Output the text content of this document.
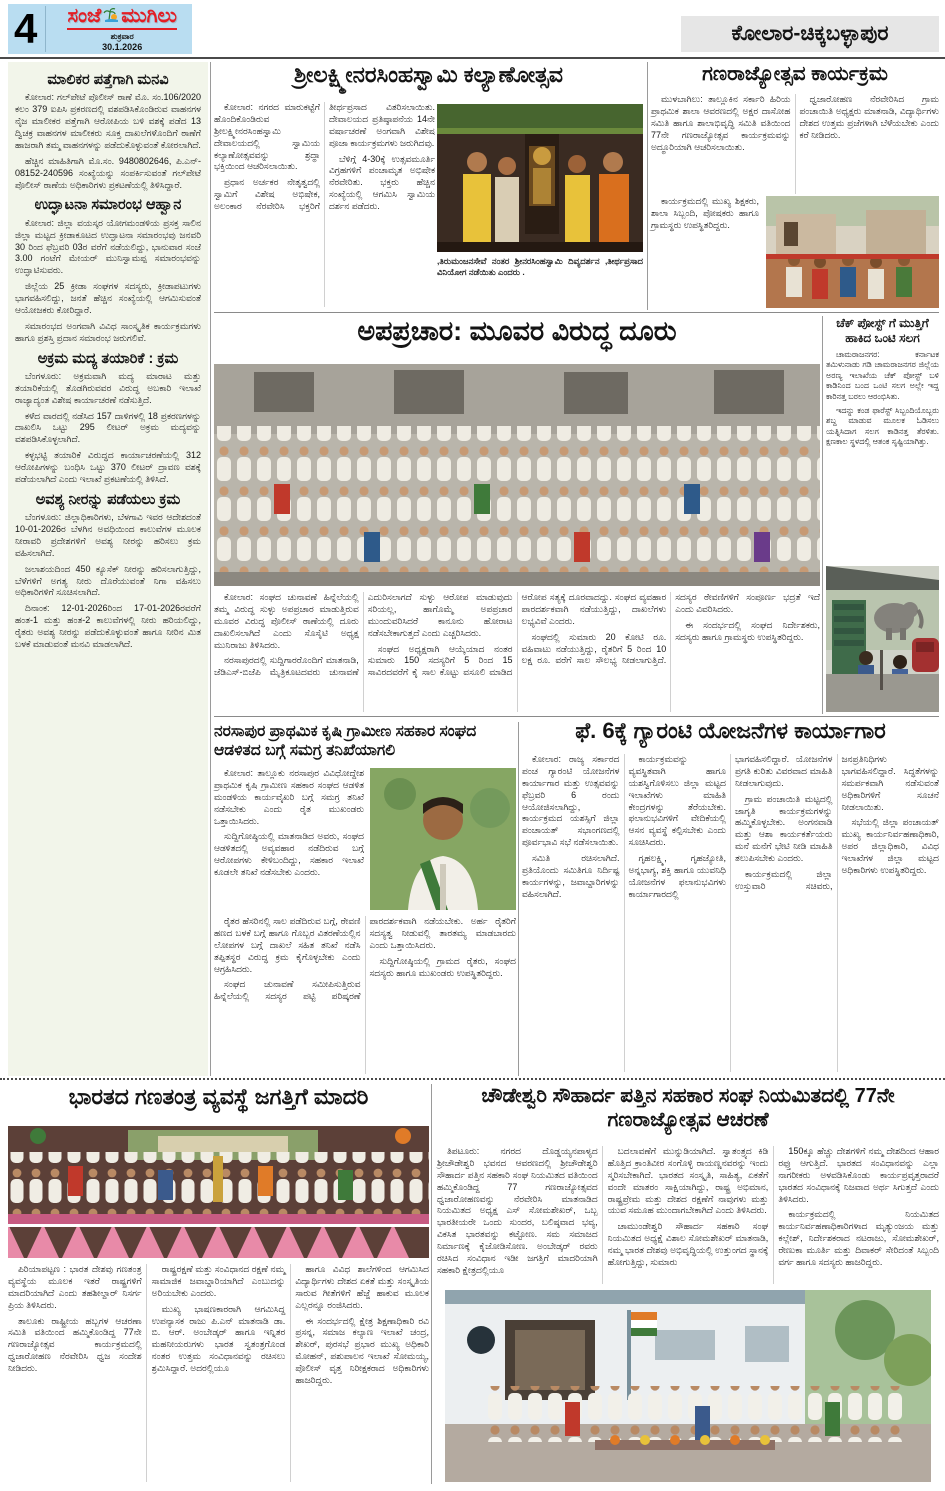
4	ಸಂಜೆ ಮುಗಿಲು
ಶುಕ್ರವಾರ
30.1.2026
ಕೋಲಾರ-ಚಿಕ್ಕಬಳ್ಳಾಪುರ
ಮಾಲಿಕರ ಪತ್ತೆಗಾಗಿ ಮನವಿ

ಕೋಲಾರ: ಗಲ್‌ಪೇಟೆ ಪೊಲೀಸ್ ಠಾಣೆ ಮೊ. ಸಂ.106/2020 ಕಲಂ 379 ಐಪಿಸಿ ಪ್ರಕರಣದಲ್ಲಿ ವಶಪಡಿಸಿಕೊಂಡಿರುವ ವಾಹನಗಳ ನೈಜ ಮಾಲೀಕರ ಪತ್ತೆಗಾಗಿ ಆರೋಪಿಯ ಬಳಿ ವಶಕ್ಕೆ ಪಡೆದ 13 ದ್ವಿಚಕ್ರ ವಾಹನಗಳ ಮಾಲೀಕರು ಸೂಕ್ತ ದಾಖಲೆಗಳೊಂದಿಗೆ ಠಾಣೆಗೆ ಹಾಜರಾಗಿ ತಮ್ಮ ವಾಹನಗಳನ್ನು ಪಡೆದುಕೊಳ್ಳುವಂತೆ ಕೋರಲಾಗಿದೆ.

ಹೆಚ್ಚಿನ ಮಾಹಿತಿಗಾಗಿ ಮೊ.ಸಂ. 9480802646, ಪಿ.ಎನ್- 08152-240596 ಸಂಖ್ಯೆಯನ್ನು ಸಂಪರ್ಕಿಸುವಂತೆ ಗಲ್‌ಪೇಟೆ ಪೊಲೀಸ್ ಠಾಣೆಯ ಅಧಿಕಾರಿಗಳು ಪ್ರಕಟಣೆಯಲ್ಲಿ ತಿಳಿಸಿದ್ದಾರೆ.

ಉದ್ಘಾಟನಾ ಸಮಾರಂಭ ಆಹ್ವಾನ

ಕೋಲಾರ: ಜಿಲ್ಲಾ ವಯಸ್ಕರ ಯೋಗಮಂಡಳಿಯ ಪ್ರಸಕ್ತ ಸಾಲಿನ ಜಿಲ್ಲಾ ಮಟ್ಟದ ಕ್ರೀಡಾಕೂಟದ ಉದ್ಘಾಟನಾ ಸಮಾರಂಭವು ಜನವರಿ 30 ರಿಂದ ಫೆಬ್ರವರಿ 03ರ ವರೆಗೆ ನಡೆಯಲಿದ್ದು, ಭಾನುವಾರ ಸಂಜೆ 3.00 ಗಂಟೆಗೆ ಮೇಯರ್ ಮುನಿಸ್ವಾಮಪ್ಪ ಸಮಾರಂಭವನ್ನು ಉದ್ಘಾಟಿಸುವರು.

ಜಿಲ್ಲೆಯ 25 ಕ್ರೀಡಾ ಸಂಘಗಳ ಸದಸ್ಯರು, ಕ್ರೀಡಾಪಟುಗಳು ಭಾಗವಹಿಸಲಿದ್ದು, ಜನತೆ ಹೆಚ್ಚಿನ ಸಂಖ್ಯೆಯಲ್ಲಿ ಆಗಮಿಸುವಂತೆ ಆಯೋಜಕರು ಕೋರಿದ್ದಾರೆ.

ಸಮಾರಂಭದ ಅಂಗವಾಗಿ ವಿವಿಧ ಸಾಂಸ್ಕೃತಿಕ ಕಾರ್ಯಕ್ರಮಗಳು ಹಾಗೂ ಪ್ರಶಸ್ತಿ ಪ್ರದಾನ ಸಮಾರಂಭ ಜರುಗಲಿವೆ.

ಅಕ್ರಮ ಮದ್ಯ ತಯಾರಿಕೆ : ಕ್ರಮ

ಬೆಂಗಳೂರು: ಅಕ್ರಮವಾಗಿ ಮದ್ಯ ಮಾರಾಟ ಮತ್ತು ತಯಾರಿಕೆಯಲ್ಲಿ ತೊಡಗಿರುವವರ ವಿರುದ್ಧ ಅಬಕಾರಿ ಇಲಾಖೆ ರಾಜ್ಯಾದ್ಯಂತ ವಿಶೇಷ ಕಾರ್ಯಾಚರಣೆ ನಡೆಸುತ್ತಿದೆ.

ಕಳೆದ ವಾರದಲ್ಲಿ ನಡೆಸಿದ 157 ದಾಳಿಗಳಲ್ಲಿ 18 ಪ್ರಕರಣಗಳನ್ನು ದಾಖಲಿಸಿ ಒಟ್ಟು 295 ಲೀಟರ್ ಅಕ್ರಮ ಮದ್ಯವನ್ನು ವಶಪಡಿಸಿಕೊಳ್ಳಲಾಗಿದೆ.

ಕಳ್ಳಭಟ್ಟಿ ತಯಾರಿಕೆ ವಿರುದ್ಧದ ಕಾರ್ಯಾಚರಣೆಯಲ್ಲಿ 312 ಆರೋಪಿಗಳನ್ನು ಬಂಧಿಸಿ ಒಟ್ಟು 370 ಲೀಟರ್ ದ್ರಾವಣ ವಶಕ್ಕೆ ಪಡೆಯಲಾಗಿದೆ ಎಂದು ಇಲಾಖೆ ಪ್ರಕಟಣೆಯಲ್ಲಿ ತಿಳಿಸಿದೆ.

ಅವಶ್ಯ ನೀರನ್ನು ಪಡೆಯಲು ಕ್ರಮ

ಬೆಂಗಳೂರು: ಜಿಲ್ಲಾಧಿಕಾರಿಗಳು, ಬೆಳಗಾವಿ ಇವರ ಆದೇಶದಂತೆ 10-01-2026ರ ಬೆಳಗಿನ ಅವಧಿಯಿಂದ ಕಾಲುವೆಗಳ ಮೂಲಕ ನೀರಾವರಿ ಪ್ರದೇಶಗಳಿಗೆ ಅವಶ್ಯ ನೀರನ್ನು ಹರಿಸಲು ಕ್ರಮ ವಹಿಸಲಾಗಿದೆ.

ಜಲಾಶಯದಿಂದ 450 ಕ್ಯೂಸೆಕ್ ನೀರನ್ನು ಹರಿಸಲಾಗುತ್ತಿದ್ದು, ಬೆಳೆಗಳಿಗೆ ಅಗತ್ಯ ನೀರು ದೊರೆಯುವಂತೆ ನಿಗಾ ವಹಿಸಲು ಅಧಿಕಾರಿಗಳಿಗೆ ಸೂಚಿಸಲಾಗಿದೆ.

ದಿನಾಂಕ: 12-01-2026ರಿಂದ 17-01-2026ರವರೆಗೆ ಹಂತ-1 ಮತ್ತು ಹಂತ-2 ಕಾಲುವೆಗಳಲ್ಲಿ ನೀರು ಹರಿಯಲಿದ್ದು, ರೈತರು ಅವಶ್ಯ ನೀರನ್ನು ಪಡೆದುಕೊಳ್ಳುವಂತೆ ಹಾಗೂ ನೀರಿನ ಮಿತ ಬಳಕೆ ಮಾಡುವಂತೆ ಮನವಿ ಮಾಡಲಾಗಿದೆ.

ಶ್ರೀಲಕ್ಷ್ಮೀನರಸಿಂಹಸ್ವಾಮಿ ಕಲ್ಯಾಣೋತ್ಸವ

ಕೋಲಾರ: ನಗರದ ಮಾರುಕಟ್ಟೆಗೆ ಹೊಂದಿಕೊಂಡಿರುವ ಶ್ರೀಲಕ್ಷ್ಮೀನರಸಿಂಹಸ್ವಾಮಿ ದೇವಾಲಯದಲ್ಲಿ ಸ್ವಾಮಿಯ ಕಲ್ಯಾಣೋತ್ಸವವನ್ನು ಶ್ರದ್ಧಾ ಭಕ್ತಿಯಿಂದ ಆಚರಿಸಲಾಯಿತು.

ಪ್ರಧಾನ ಅರ್ಚಕರ ನೇತೃತ್ವದಲ್ಲಿ ಸ್ವಾಮಿಗೆ ವಿಶೇಷ ಅಭಿಷೇಕ, ಅಲಂಕಾರ ನೆರವೇರಿಸಿ ಭಕ್ತರಿಗೆ ತೀರ್ಥಪ್ರಸಾದ ವಿತರಿಸಲಾಯಿತು. ದೇವಾಲಯದ ಪ್ರತಿಷ್ಠಾಪನೆಯ 14ನೇ ವರ್ಷಾಚರಣೆ ಅಂಗವಾಗಿ ವಿಶೇಷ ಪೂಜಾ ಕಾರ್ಯಕ್ರಮಗಳು ಜರುಗಿದವು.

ಬೆಳಿಗ್ಗೆ 4-30ಕ್ಕೆ ಉತ್ಸವಮೂರ್ತಿ ವಿಗ್ರಹಗಳಿಗೆ ಪಂಚಾಮೃತ ಅಭಿಷೇಕ ನೆರವೇರಿತು. ಭಕ್ತರು ಹೆಚ್ಚಿನ ಸಂಖ್ಯೆಯಲ್ಲಿ ಆಗಮಿಸಿ ಸ್ವಾಮಿಯ ದರ್ಶನ ಪಡೆದರು.

,ತಿರುಮಂಜನಸೇವೆ ನಂತರ ಶ್ರೀನರಸಿಂಹಸ್ವಾಮಿ ದಿವ್ಯದರ್ಶನ ,ತೀರ್ಥಪ್ರಸಾದ ವಿನಿಯೋಗ ನಡೆಯಿತು ಎಂದರು .
ಗಣರಾಜ್ಯೋತ್ಸವ ಕಾರ್ಯಕ್ರಮ

ಮುಳಬಾಗಿಲು: ತಾಲ್ಲೂಕಿನ ಸರ್ಕಾರಿ ಹಿರಿಯ ಪ್ರಾಥಮಿಕ ಶಾಲಾ ಆವರಣದಲ್ಲಿ ಅಕ್ಷರ ದಾಸೋಹ ಸಮಿತಿ ಹಾಗೂ ಶಾಲಾಭಿವೃದ್ಧಿ ಸಮಿತಿ ವತಿಯಿಂದ 77ನೇ ಗಣರಾಜ್ಯೋತ್ಸವ ಕಾರ್ಯಕ್ರಮವನ್ನು ಅದ್ಧೂರಿಯಾಗಿ ಆಚರಿಸಲಾಯಿತು.

ಧ್ವಜಾರೋಹಣ ನೆರವೇರಿಸಿದ ಗ್ರಾಮ ಪಂಚಾಯಿತಿ ಅಧ್ಯಕ್ಷರು ಮಾತನಾಡಿ, ವಿದ್ಯಾರ್ಥಿಗಳು ದೇಶದ ಉತ್ತಮ ಪ್ರಜೆಗಳಾಗಿ ಬೆಳೆಯಬೇಕು ಎಂದು ಕರೆ ನೀಡಿದರು.

ಕಾರ್ಯಕ್ರಮದಲ್ಲಿ ಮುಖ್ಯ ಶಿಕ್ಷಕರು, ಶಾಲಾ ಸಿಬ್ಬಂದಿ, ಪೋಷಕರು ಹಾಗೂ ಗ್ರಾಮಸ್ಥರು ಉಪಸ್ಥಿತರಿದ್ದರು.

ಅಪಪ್ರಚಾರ: ಮೂವರ ವಿರುದ್ಧ ದೂರು

ಕೋಲಾರ: ಸಂಘದ ಚುನಾವಣೆ ಹಿನ್ನೆಲೆಯಲ್ಲಿ ತಮ್ಮ ವಿರುದ್ಧ ಸುಳ್ಳು ಅಪಪ್ರಚಾರ ಮಾಡುತ್ತಿರುವ ಮೂವರ ವಿರುದ್ಧ ಪೊಲೀಸ್ ಠಾಣೆಯಲ್ಲಿ ದೂರು ದಾಖಲಿಸಲಾಗಿದೆ ಎಂದು ಸೊಸೈಟಿ ಅಧ್ಯಕ್ಷ ಮುನಿರಾಜು ತಿಳಿಸಿದರು.

ನರಸಾಪುರದಲ್ಲಿ ಸುದ್ದಿಗಾರರೊಂದಿಗೆ ಮಾತನಾಡಿ, ಜೆಡಿಎಸ್-ಬಿಜೆಪಿ ಮೈತ್ರಿಕೂಟದವರು ಚುನಾವಣೆ ಎದುರಿಸಲಾಗದೆ ಸುಳ್ಳು ಆರೋಪ ಮಾಡುವುದು ಸರಿಯಲ್ಲ, ಹಾಗೊಮ್ಮೆ ಅಪಪ್ರಚಾರ ಮುಂದುವರಿಸಿದರೆ ಕಾನೂನು ಹೋರಾಟ ನಡೆಸಬೇಕಾಗುತ್ತದೆ ಎಂದು ಎಚ್ಚರಿಸಿದರು.

ಸಂಘದ ಅಧ್ಯಕ್ಷರಾಗಿ ಆಯ್ಕೆಯಾದ ನಂತರ ಸುಮಾರು 150 ಸದಸ್ಯರಿಗೆ 5 ರಿಂದ 15 ಸಾವಿರದವರೆಗೆ ಕೈ ಸಾಲ ಕೊಟ್ಟು ವಸೂಲಿ ಮಾಡಿದ ಆರೋಪ ಸತ್ಯಕ್ಕೆ ದೂರವಾದದ್ದು. ಸಂಘದ ವ್ಯವಹಾರ ಪಾರದರ್ಶಕವಾಗಿ ನಡೆಯುತ್ತಿದ್ದು, ದಾಖಲೆಗಳು ಲಭ್ಯವಿವೆ ಎಂದರು.

ಸಂಘದಲ್ಲಿ ಸುಮಾರು 20 ಕೋಟಿ ರೂ. ವಹಿವಾಟು ನಡೆಯುತ್ತಿದ್ದು, ರೈತರಿಗೆ 5 ರಿಂದ 10 ಲಕ್ಷ ರೂ. ವರೆಗೆ ಸಾಲ ಸೌಲಭ್ಯ ನೀಡಲಾಗುತ್ತಿದೆ. ಸದಸ್ಯರ ಠೇವಣಿಗಳಿಗೆ ಸಂಪೂರ್ಣ ಭದ್ರತೆ ಇದೆ ಎಂದು ವಿವರಿಸಿದರು.

ಈ ಸಂದರ್ಭದಲ್ಲಿ ಸಂಘದ ನಿರ್ದೇಶಕರು, ಸದಸ್ಯರು ಹಾಗೂ ಗ್ರಾಮಸ್ಥರು ಉಪಸ್ಥಿತರಿದ್ದರು.

ಚೆಕ್ ಪೋಸ್ಟ್ ಗೆ ಮುತ್ತಿಗೆ ಹಾಕಿದ ಒಂಟಿ ಸಲಗ

ಚಾಮರಾಜನಗರ: ಕರ್ನಾಟಕ ತಮಿಳುನಾಡು ಗಡಿ ಚಾಮರಾಜನಗರ ಜಿಲ್ಲೆಯ ಅರಣ್ಯ ಇಲಾಖೆಯ ಚೆಕ್ ಪೋಸ್ಟ್ ಬಳಿ ಕಾಡಿನಿಂದ ಬಂದ ಒಂಟಿ ಸಲಗ ಅಲ್ಲೇ ಇದ್ದ ಕಾರಿನತ್ತ ಬರಲು ಆರಂಭಿಸಿತು.

ಇದನ್ನು ಕಂಡ ಫಾರೆಸ್ಟ್ ಸಿಬ್ಬಂದಿಯೊಬ್ಬರು ಶಬ್ದ ಮಾಡುವ ಮೂಲಕ ಓಡಿಸಲು ಯತ್ನಿಸಿದಾಗ ಸಲಗ ಕಾಡಿನತ್ತ ತೆರಳಿತು. ಕ್ಷಣಕಾಲ ಸ್ಥಳದಲ್ಲಿ ಆತಂಕ ಸೃಷ್ಟಿಯಾಗಿತ್ತು.

ನರಸಾಪುರ ಪ್ರಾಥಮಿಕ ಕೃಷಿ ಗ್ರಾಮೀಣ ಸಹಕಾರ ಸಂಘದ ಆಡಳಿತದ ಬಗ್ಗೆ ಸಮಗ್ರ ತನಿಖೆಯಾಗಲಿ

ಕೋಲಾರ: ತಾಲ್ಲೂಕು ನರಸಾಪುರ ವಿವಿಧೋದ್ದೇಶ ಪ್ರಾಥಮಿಕ ಕೃಷಿ ಗ್ರಾಮೀಣ ಸಹಕಾರ ಸಂಘದ ಆಡಳಿತ ಮಂಡಳಿಯ ಕಾರ್ಯವೈಖರಿ ಬಗ್ಗೆ ಸಮಗ್ರ ತನಿಖೆ ನಡೆಸಬೇಕು ಎಂದು ರೈತ ಮುಖಂಡರು ಒತ್ತಾಯಿಸಿದರು.

ಸುದ್ದಿಗೋಷ್ಠಿಯಲ್ಲಿ ಮಾತನಾಡಿದ ಅವರು, ಸಂಘದ ಆಡಳಿತದಲ್ಲಿ ಅವ್ಯವಹಾರ ನಡೆದಿರುವ ಬಗ್ಗೆ ಆರೋಪಗಳು ಕೇಳಿಬಂದಿದ್ದು, ಸಹಕಾರ ಇಲಾಖೆ ಕೂಡಲೇ ತನಿಖೆ ನಡೆಸಬೇಕು ಎಂದರು.

ರೈತರ ಹೆಸರಿನಲ್ಲಿ ಸಾಲ ಪಡೆದಿರುವ ಬಗ್ಗೆ, ಠೇವಣಿ ಹಣದ ಬಳಕೆ ಬಗ್ಗೆ ಹಾಗೂ ಗೊಬ್ಬರ ವಿತರಣೆಯಲ್ಲಿನ ಲೋಪಗಳ ಬಗ್ಗೆ ದಾಖಲೆ ಸಹಿತ ತನಿಖೆ ನಡೆಸಿ ತಪ್ಪಿತಸ್ಥರ ವಿರುದ್ಧ ಕ್ರಮ ಕೈಗೊಳ್ಳಬೇಕು ಎಂದು ಆಗ್ರಹಿಸಿದರು.

ಸಂಘದ ಚುನಾವಣೆ ಸಮೀಪಿಸುತ್ತಿರುವ ಹಿನ್ನೆಲೆಯಲ್ಲಿ ಸದಸ್ಯರ ಪಟ್ಟಿ ಪರಿಷ್ಕರಣೆ ಪಾರದರ್ಶಕವಾಗಿ ನಡೆಯಬೇಕು. ಅರ್ಹ ರೈತರಿಗೆ ಸದಸ್ಯತ್ವ ನೀಡುವಲ್ಲಿ ತಾರತಮ್ಯ ಮಾಡಬಾರದು ಎಂದು ಒತ್ತಾಯಿಸಿದರು.

ಸುದ್ದಿಗೋಷ್ಠಿಯಲ್ಲಿ ಗ್ರಾಮದ ರೈತರು, ಸಂಘದ ಸದಸ್ಯರು ಹಾಗೂ ಮುಖಂಡರು ಉಪಸ್ಥಿತರಿದ್ದರು.

ಫೆ. 6ಕ್ಕೆ ಗ್ಯಾರಂಟಿ ಯೋಜನೆಗಳ ಕಾರ್ಯಾಗಾರ

ಕೋಲಾರ: ರಾಜ್ಯ ಸರ್ಕಾರದ ಪಂಚ ಗ್ಯಾರಂಟಿ ಯೋಜನೆಗಳ ಕಾರ್ಯಾಗಾರ ಮತ್ತು ಉತ್ಸವವನ್ನು ಫೆಬ್ರವರಿ 6 ರಂದು ಆಯೋಜಿಸಲಾಗಿದ್ದು, ಕಾರ್ಯಕ್ರಮದ ಯಶಸ್ಸಿಗೆ ಜಿಲ್ಲಾ ಪಂಚಾಯತ್ ಸಭಾಂಗಣದಲ್ಲಿ ಪೂರ್ವಭಾವಿ ಸಭೆ ನಡೆಸಲಾಯಿತು.

ಸಮಿತಿ ರಚಿಸಲಾಗಿದೆ. ಪ್ರತಿಯೊಂದು ಸಮಿತಿಗೂ ನಿರ್ದಿಷ್ಟ ಕಾರ್ಯಗಳನ್ನು, ಜವಾಬ್ದಾರಿಗಳನ್ನು ವಹಿಸಲಾಗಿದೆ.

ಕಾರ್ಯಕ್ರಮವನ್ನು ವ್ಯವಸ್ಥಿತವಾಗಿ ಹಾಗೂ ಯಶಸ್ವಿಗೊಳಿಸಲು ಜಿಲ್ಲಾ ಮಟ್ಟದ ಇಲಾಖೆಗಳು ಮಾಹಿತಿ ಕೇಂದ್ರಗಳನ್ನು ತೆರೆಯಬೇಕು. ಫಲಾನುಭವಿಗಳಿಗೆ ವೇದಿಕೆಯಲ್ಲಿ ಆಸನ ವ್ಯವಸ್ಥೆ ಕಲ್ಪಿಸಬೇಕು ಎಂದು ಸೂಚಿಸಿದರು.

ಗೃಹಲಕ್ಷ್ಮಿ, ಗೃಹಜ್ಯೋತಿ, ಅನ್ನಭಾಗ್ಯ, ಶಕ್ತಿ ಹಾಗೂ ಯುವನಿಧಿ ಯೋಜನೆಗಳ ಫಲಾನುಭವಿಗಳು ಕಾರ್ಯಾಗಾರದಲ್ಲಿ ಭಾಗವಹಿಸಲಿದ್ದಾರೆ. ಯೋಜನೆಗಳ ಪ್ರಗತಿ ಕುರಿತು ವಿವರವಾದ ಮಾಹಿತಿ ನೀಡಲಾಗುವುದು.

ಗ್ರಾಮ ಪಂಚಾಯಿತಿ ಮಟ್ಟದಲ್ಲಿ ಜಾಗೃತಿ ಕಾರ್ಯಕ್ರಮಗಳನ್ನು ಹಮ್ಮಿಕೊಳ್ಳಬೇಕು. ಅಂಗನವಾಡಿ ಮತ್ತು ಆಶಾ ಕಾರ್ಯಕರ್ತೆಯರು ಮನೆ ಮನೆಗೆ ಭೇಟಿ ನೀಡಿ ಮಾಹಿತಿ ತಲುಪಿಸಬೇಕು ಎಂದರು.

ಕಾರ್ಯಕ್ರಮದಲ್ಲಿ ಜಿಲ್ಲಾ ಉಸ್ತುವಾರಿ ಸಚಿವರು, ಜನಪ್ರತಿನಿಧಿಗಳು ಭಾಗವಹಿಸಲಿದ್ದಾರೆ. ಸಿದ್ಧತೆಗಳನ್ನು ಸಮರ್ಪಕವಾಗಿ ನಡೆಸುವಂತೆ ಅಧಿಕಾರಿಗಳಿಗೆ ಸೂಚನೆ ನೀಡಲಾಯಿತು.

ಸಭೆಯಲ್ಲಿ ಜಿಲ್ಲಾ ಪಂಚಾಯತ್ ಮುಖ್ಯ ಕಾರ್ಯನಿರ್ವಹಣಾಧಿಕಾರಿ, ಅಪರ ಜಿಲ್ಲಾಧಿಕಾರಿ, ವಿವಿಧ ಇಲಾಖೆಗಳ ಜಿಲ್ಲಾ ಮಟ್ಟದ ಅಧಿಕಾರಿಗಳು ಉಪಸ್ಥಿತರಿದ್ದರು.

ಭಾರತದ ಗಣತಂತ್ರ ವ್ಯವಸ್ಥೆ ಜಗತ್ತಿಗೆ ಮಾದರಿ

ಪಿರಿಯಾಪಟ್ಟಣ : ಭಾರತ ದೇಶವು ಗಣತಂತ್ರ ವ್ಯವಸ್ಥೆಯ ಮೂಲಕ ಇತರೆ ರಾಷ್ಟ್ರಗಳಿಗೆ ಮಾದರಿಯಾಗಿದೆ ಎಂದು ತಹಶೀಲ್ದಾರ್ ನಿಸರ್ಗ ಪ್ರಿಯ ತಿಳಿಸಿದರು.

ತಾಲೂಕು ರಾಷ್ಟ್ರೀಯ ಹಬ್ಬಗಳ ಆಚರಣಾ ಸಮಿತಿ ವತಿಯಿಂದ ಹಮ್ಮಿಕೊಂಡಿದ್ದ 77ನೇ ಗಣರಾಜ್ಯೋತ್ಸವ ಕಾರ್ಯಕ್ರಮದಲ್ಲಿ ಧ್ವಜಾರೋಹಣ ನೆರವೇರಿಸಿ ಧ್ವಜ ಸಂದೇಶ ನೀಡಿದರು.

ರಾಷ್ಟ್ರರಕ್ಷಣೆ ಮತ್ತು ಸಂವಿಧಾನದ ರಕ್ಷಣೆ ನಮ್ಮ ಸಾಮಾಜಿಕ ಜವಾಬ್ದಾರಿಯಾಗಿದೆ ಎಂಬುದನ್ನು ಅರಿಯಬೇಕು ಎಂದರು.

ಮುಖ್ಯ ಭಾಷಣಕಾರರಾಗಿ ಆಗಮಿಸಿದ್ದ ಉಪನ್ಯಾಸಕ ರಾಜು ಪಿ.ಎನ್ ಮಾತನಾಡಿ ಡಾ. ಬಿ. ಆರ್. ಅಂಬೇಡ್ಕರ್ ಹಾಗೂ ಇನ್ನಿತರ ಮಹನೀಯರುಗಳು ಭಾರತ ಸ್ವತಂತ್ರಗೊಂಡ ನಂತರ ಉತ್ತಮ ಸಂವಿಧಾನವನ್ನು ರಚಿಸಲು ಶ್ರಮಿಸಿದ್ದಾರೆ. ಅದರಲ್ಲಿಯೂ

ಹಾಗೂ ವಿವಿಧ ಶಾಲೆಗಳಿಂದ ಆಗಮಿಸಿದ ವಿದ್ಯಾರ್ಥಿಗಳು ದೇಶದ ಏಕತೆ ಮತ್ತು ಸಂಸ್ಕೃತಿಯ ಸಾರುವ ಗೀತೆಗಳಿಗೆ ಹೆಜ್ಜೆ ಹಾಕುವ ಮೂಲಕ ಎಲ್ಲರನ್ನೂ ರಂಜಿಸಿದರು.

ಈ ಸಂದರ್ಭದಲ್ಲಿ ಕ್ಷೇತ್ರ ಶಿಕ್ಷಣಾಧಿಕಾರಿ ರವಿ ಪ್ರಸನ್ನ, ಸಮಾಜ ಕಲ್ಯಾಣ ಇಲಾಖೆ ಚಂದ್ರ, ಶೇಖರ್, ಪುರಸಭೆ ಪ್ರಭಾರ ಮುಖ್ಯ ಅಧಿಕಾರಿ ಮೋಹನ್, ಪಶುಪಾಲನ ಇಲಾಖೆ ಸೋಮಯ್ಯ, ಪೊಲೀಸ್ ವೃತ್ತ ನಿರೀಕ್ಷಕರಾದ ಅಧಿಕಾರಿಗಳು ಹಾಜರಿದ್ದರು.

ಚೌಡೇಶ್ವರಿ ಸೌಹಾರ್ದ ಪತ್ತಿನ ಸಹಕಾರ ಸಂಘ ನಿಯಮಿತದಲ್ಲಿ 77ನೇ ಗಣರಾಜ್ಯೋತ್ಸವ ಆಚರಣೆ

ತಿಪಟೂರು: ನಗರದ ದೊಡ್ಡಯ್ಯನಪಾಳ್ಯದ ಶ್ರೀಚೌಡೇಶ್ವರಿ ಭವನದ ಆವರಣದಲ್ಲಿ ಶ್ರೀಚೌಡೇಶ್ವರಿ ಸೌಹಾರ್ದ ಪತ್ತಿನ ಸಹಕಾರಿ ಸಂಘ ನಿಯಮಿತದ ವತಿಯಿಂದ ಹಮ್ಮಿಕೊಂಡಿದ್ದ 77 ಗಣರಾಜ್ಯೋತ್ಸವದ ಧ್ವಜಾರೋಹಣವನ್ನು ನೆರವೇರಿಸಿ ಮಾತನಾಡಿದ ನಿಯಮಿತದ ಅಧ್ಯಕ್ಷ ಎಸ್ ಸೋಮಶೇಖರ್, ಒಬ್ಬ ಭಾರತೀಯರೇ ಒಂದು ಸುಂದರ, ಬಲಿಷ್ಠವಾದ ಭವ್ಯ, ವಿಕಸಿತ ಭಾರತವನ್ನು ಕಟ್ಟೋಣ. ಸಮ ಸಮಾಜದ ನಿರ್ಮಾಣಕ್ಕೆ ಕೈಜೋಡಿಸೋಣ. ಅಂಬೇಡ್ಕರ್ ರವರು ರಚಿಸಿದ ಸಂವಿಧಾನ ಇಡೀ ಜಗತ್ತಿಗೆ ಮಾದರಿಯಾಗಿ ಸಹಕಾರಿ ಕ್ಷೇತ್ರದಲ್ಲಿಯೂ

ಬದಲಾವಣೆಗೆ ಮುನ್ನುಡಿಯಾಗಿದೆ. ಸ್ವಾತಂತ್ರ್ಯದ ಕಿಡಿ ಹೊತ್ತಿದ ಕ್ರಾಂತಿವೀರ ಸಂಗೊಳ್ಳಿ ರಾಯಣ್ಣನವರನ್ನು ಇಂದು ಸ್ಮರಿಸಬೇಕಾಗಿದೆ. ಭಾರತದ ಸಂಸ್ಕೃತಿ, ಸಾಹಿತ್ಯ, ಏಕತೆಗೆ ವಂದೇ ಮಾತರಂ ಸಾಕ್ಷಿಯಾಗಿದ್ದು, ರಾಷ್ಟ್ರ ಅಭಿಮಾನ, ರಾಷ್ಟ್ರಪ್ರೇಮ ಮತ್ತು ದೇಶದ ರಕ್ಷಣೆಗೆ ನಾವುಗಳು ಮತ್ತು ಯುವ ಸಮೂಹ ಮುಂದಾಗಬೇಕಾಗಿದೆ ಎಂದು ತಿಳಿಸಿದರು.

ಚಾಮುಂಡೇಶ್ವರಿ ಸೌಹಾರ್ದ ಸಹಕಾರಿ ಸಂಘ ನಿಯಮಿತದ ಅಧ್ಯಕ್ಷೆ ವಿಶಾಲ ಸೋಮಶೇಖರ್ ಮಾತನಾಡಿ, ನಮ್ಮ ಭಾರತ ದೇಶವು ಅಭಿವೃದ್ಧಿಯಲ್ಲಿ ಉತ್ತುಂಗದ ಸ್ಥಾನಕ್ಕೆ ಹೋಗುತ್ತಿದ್ದು, ಸುಮಾರು

150ಕ್ಕೂ ಹೆಚ್ಚು ದೇಶಗಳಿಗೆ ನಮ್ಮ ದೇಶದಿಂದ ಆಹಾರ ರಫ್ತು ಆಗುತ್ತಿದೆ. ಭಾರತದ ಸಂವಿಧಾನವನ್ನು ಎಲ್ಲಾ ನಾಗರೀಕರು ಅಳವಡಿಸಿಕೊಂಡು ಕಾರ್ಯಪ್ರವೃತ್ತರಾದರೆ ಭಾರತದ ಸಂವಿಧಾನಕ್ಕೆ ನಿಜವಾದ ಅರ್ಥ ಸಿಗುತ್ತದೆ ಎಂದು ತಿಳಿಸಿದರು.

ಕಾರ್ಯಕ್ರಮದಲ್ಲಿ ನಿಯಮಿತದ ಕಾರ್ಯನಿರ್ವಹಣಾಧಿಕಾರಿಗಳಾದ ಮೃತ್ಯುಂಜಯ ಮತ್ತು ಕಲ್ಲೇಶ್, ನಿರ್ದೇಶಕರಾದ ನಟರಾಜು, ಸೋಮಶೇಖರ್, ರೇಣುಕಾ ಮೂರ್ತಿ ಮತ್ತು ದಿವಾಕರ್ ಸೇರಿದಂತೆ ಸಿಬ್ಬಂದಿ ವರ್ಗ ಹಾಗೂ ಸದಸ್ಯರು ಹಾಜರಿದ್ದರು.
